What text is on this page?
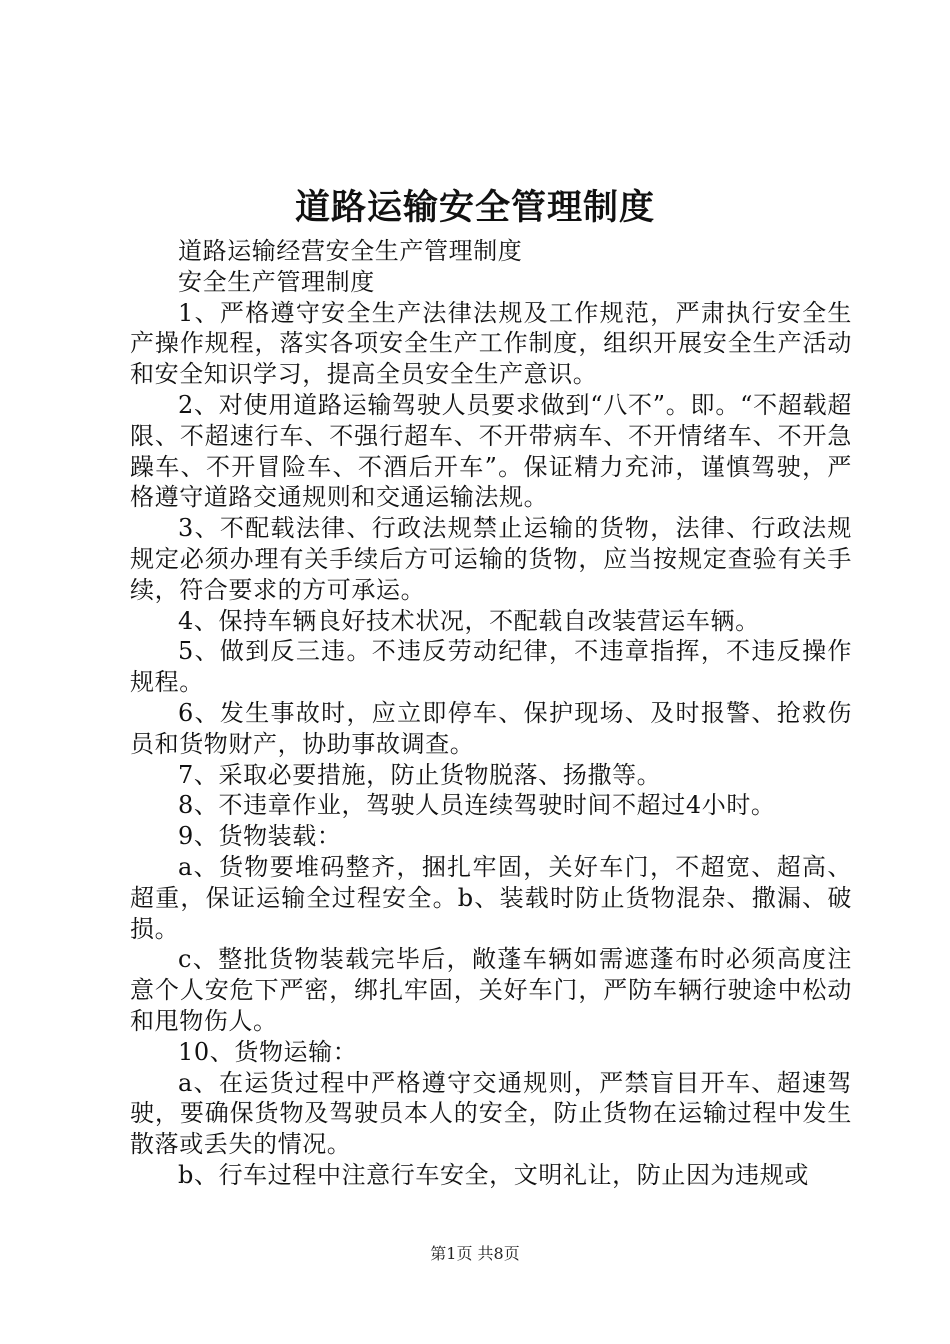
道路运输安全管理制度

道路运输经营安全生产管理制度

安全生产管理制度

1、严格遵守安全生产法律法规及工作规范，严肃执行安全生产操作规程，落实各项安全生产工作制度，组织开展安全生产活动和安全知识学习，提高全员安全生产意识。

2、对使用道路运输驾驶人员要求做到“八不”。即。“不超载超限、不超速行车、不强行超车、不开带病车、不开情绪车、不开急躁车、不开冒险车、不酒后开车”。保证精力充沛，谨慎驾驶，严格遵守道路交通规则和交通运输法规。

3、不配载法律、行政法规禁止运输的货物，法律、行政法规规定必须办理有关手续后方可运输的货物，应当按规定查验有关手续，符合要求的方可承运。

4、保持车辆良好技术状况，不配载自改装营运车辆。

5、做到反三违。不违反劳动纪律，不违章指挥，不违反操作规程。

6、发生事故时，应立即停车、保护现场、及时报警、抢救伤员和货物财产，协助事故调查。

7、采取必要措施，防止货物脱落、扬撒等。

8、不违章作业，驾驶人员连续驾驶时间不超过4小时。

9、货物装载：

a、货物要堆码整齐，捆扎牢固，关好车门，不超宽、超高、超重，保证运输全过程安全。b、装载时防止货物混杂、撒漏、破损。

c、整批货物装载完毕后，敞蓬车辆如需遮蓬布时必须高度注意个人安危下严密，绑扎牢固，关好车门，严防车辆行驶途中松动和甩物伤人。

10、货物运输：

a、在运货过程中严格遵守交通规则，严禁盲目开车、超速驾驶，要确保货物及驾驶员本人的安全，防止货物在运输过程中发生散落或丢失的情况。

b、行车过程中注意行车安全，文明礼让，防止因为违规或

第1页 共8页
